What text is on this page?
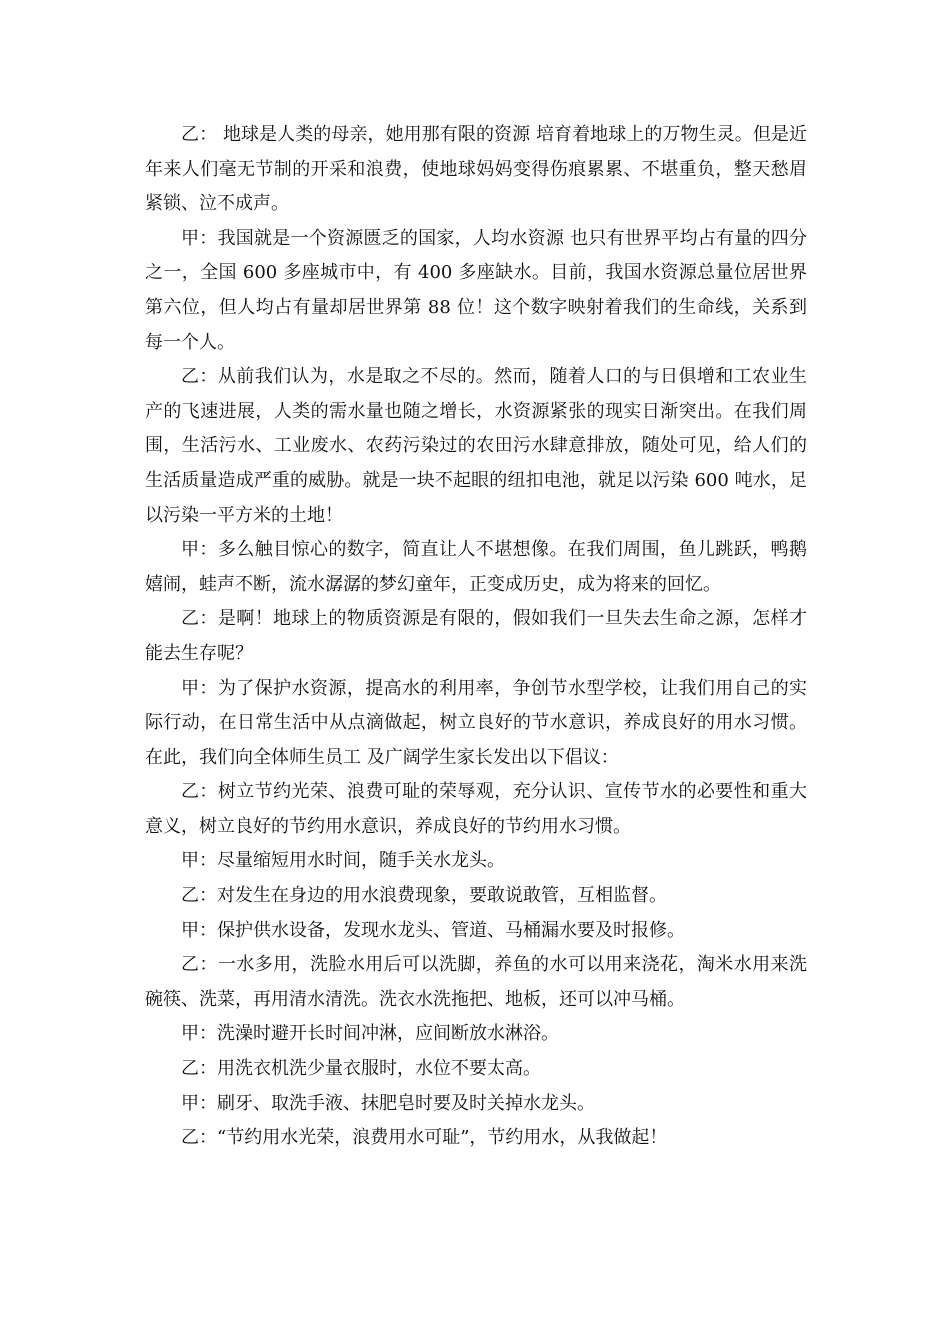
乙： 地球是人类的母亲，她用那有限的资源 培育着地球上的万物生灵。但是近年来人们毫无节制的开采和浪费，使地球妈妈变得伤痕累累、不堪重负，整天愁眉紧锁、泣不成声。

甲：我国就是一个资源匮乏的国家，人均水资源 也只有世界平均占有量的四分之一，全国 600 多座城市中，有 400 多座缺水。目前，我国水资源总量位居世界第六位，但人均占有量却居世界第 88 位！这个数字映射着我们的生命线，关系到每一个人。

乙：从前我们认为，水是取之不尽的。然而，随着人口的与日俱增和工农业生产的飞速进展，人类的需水量也随之增长，水资源紧张的现实日渐突出。在我们周围，生活污水、工业废水、农药污染过的农田污水肆意排放，随处可见，给人们的生活质量造成严重的威胁。就是一块不起眼的纽扣电池，就足以污染 600 吨水，足以污染一平方米的土地！

甲：多么触目惊心的数字，简直让人不堪想像。在我们周围，鱼儿跳跃，鸭鹅嬉闹，蛙声不断，流水潺潺的梦幻童年，正变成历史，成为将来的回忆。

乙：是啊！地球上的物质资源是有限的，假如我们一旦失去生命之源，怎样才能去生存呢？

甲：为了保护水资源，提高水的利用率，争创节水型学校，让我们用自己的实际行动，在日常生活中从点滴做起，树立良好的节水意识，养成良好的用水习惯。在此，我们向全体师生员工 及广阔学生家长发出以下倡议：

乙：树立节约光荣、浪费可耻的荣辱观，充分认识、宣传节水的必要性和重大意义，树立良好的节约用水意识，养成良好的节约用水习惯。

甲：尽量缩短用水时间，随手关水龙头。

乙：对发生在身边的用水浪费现象，要敢说敢管，互相监督。

甲：保护供水设备，发现水龙头、管道、马桶漏水要及时报修。

乙：一水多用，洗脸水用后可以洗脚，养鱼的水可以用来浇花，淘米水用来洗碗筷、洗菜，再用清水清洗。洗衣水洗拖把、地板，还可以冲马桶。

甲：洗澡时避开长时间冲淋，应间断放水淋浴。

乙：用洗衣机洗少量衣服时，水位不要太高。

甲：刷牙、取洗手液、抹肥皂时要及时关掉水龙头。

乙：“节约用水光荣，浪费用水可耻”，节约用水，从我做起！
